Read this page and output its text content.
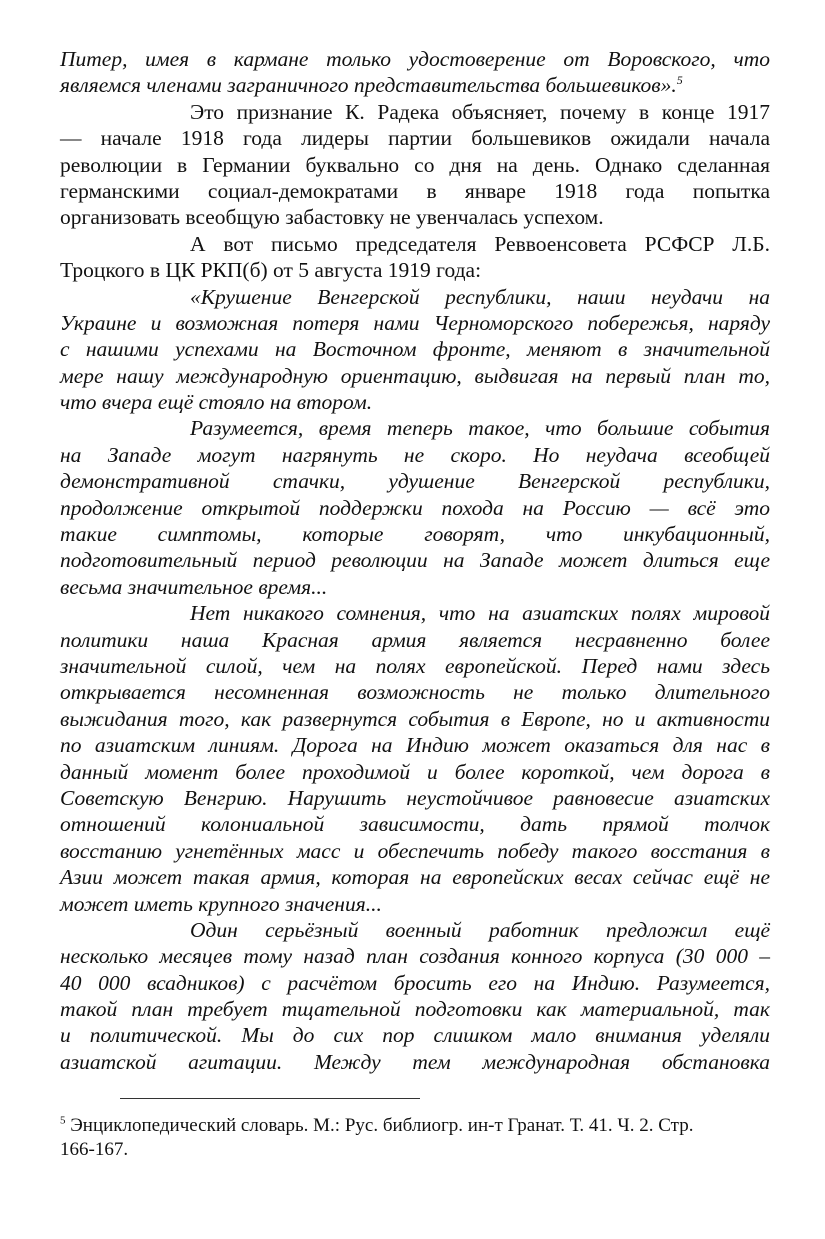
Питер, имея в кармане только удостоверение от Воровского, что
являемся членами заграничного представительства большевиков».$^5$
Это признание К. Радека объясняет, почему в конце 1917
— начале 1918 года лидеры партии большевиков ожидали начала
революции в Германии буквально со дня на день. Однако сделанная
германскими социал-демократами в январе 1918 года попытка
организовать всеобщую забастовку не увенчалась успехом.
А вот письмо председателя Реввоенсовета РСФСР Л.Б.
Троцкого в ЦК РКП(б) от 5 августа 1919 года:
«Крушение Венгерской республики, наши неудачи на
Украине и возможная потеря нами Черноморского побережья, наряду
с нашими успехами на Восточном фронте, меняют в значительной
мере нашу международную ориентацию, выдвигая на первый план то,
что вчера ещё стояло на втором.
Разумеется, время теперь такое, что большие события
на Западе могут нагрянуть не скоро. Но неудача всеобщей
демонстративной стачки, удушение Венгерской республики,
продолжение открытой поддержки похода на Россию — всё это
такие симптомы, которые говорят, что инкубационный,
подготовительный период революции на Западе может длиться еще
весьма значительное время...
Нет никакого сомнения, что на азиатских полях мировой
политики наша Красная армия является несравненно более
значительной силой, чем на полях европейской. Перед нами здесь
открывается несомненная возможность не только длительного
выжидания того, как развернутся события в Европе, но и активности
по азиатским линиям. Дорога на Индию может оказаться для нас в
данный момент более проходимой и более короткой, чем дорога в
Советскую Венгрию. Нарушить неустойчивое равновесие азиатских
отношений колониальной зависимости, дать прямой толчок
восстанию угнетённых масс и обеспечить победу такого восстания в
Азии может такая армия, которая на европейских весах сейчас ещё не
может иметь крупного значения...
Один серьёзный военный работник предложил ещё
несколько месяцев тому назад план создания конного корпуса (30 000 –
40 000 всадников) с расчётом бросить его на Индию. Разумеется,
такой план требует тщательной подготовки как материальной, так
и политической. Мы до сих пор слишком мало внимания уделяли
азиатской агитации. Между тем международная обстановка
$^5$ Энциклопедический словарь. М.: Рус. библиогр. ин-т Гранат. Т. 41. Ч. 2. Стр.
166-167.
